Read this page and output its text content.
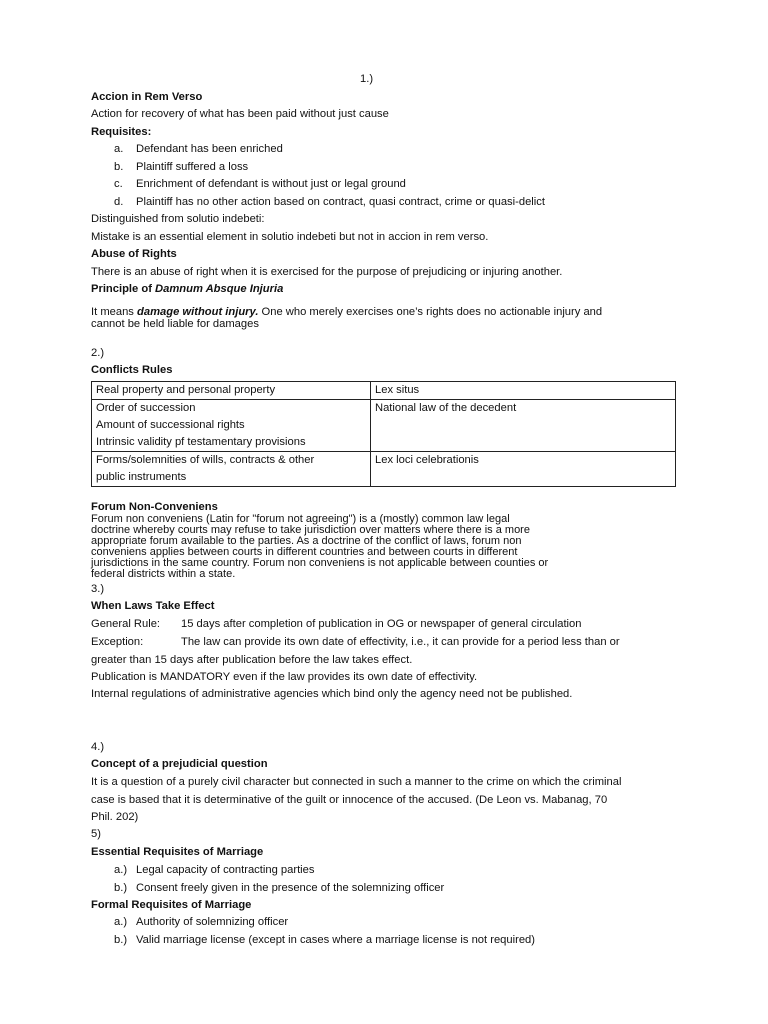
1.)
Accion in Rem Verso
Action for recovery of what has been paid without just cause
Requisites:
a. Defendant has been enriched
b. Plaintiff suffered a loss
c. Enrichment of defendant is without just or legal ground
d. Plaintiff has no other action based on contract, quasi contract, crime or quasi-delict
Distinguished from solutio indebeti:
Mistake is an essential element in solutio indebeti but not in accion in rem verso.
Abuse of Rights
There is an abuse of right when it is exercised for the purpose of prejudicing or injuring another.
Principle of Damnum Absque Injuria
It means damage without injury. One who merely exercises one’s rights does no actionable injury and
cannot be held liable for damages
2.)
Conflicts Rules
Real property and personal property	Lex situs

Order of succession
Amount of successional rights
Intrinsic validity pf testamentary provisions	National law of the decedent

Forms/solemnities of wills, contracts & other
public instruments	Lex loci celebrationis
Forum Non-Conveniens
Forum non conveniens (Latin for "forum not agreeing") is a (mostly) common law legal
doctrine whereby courts may refuse to take jurisdiction over matters where there is a more
appropriate forum available to the parties. As a doctrine of the conflict of laws, forum non
conveniens applies between courts in different countries and between courts in different
jurisdictions in the same country. Forum non conveniens is not applicable between counties or
federal districts within a state.
3.)
When Laws Take Effect
General Rule: 15 days after completion of publication in OG or newspaper of general circulation
Exception:	The law can provide its own date of effectivity, i.e., it can provide for a period less than or
greater than 15 days after publication before the law takes effect.
Publication is MANDATORY even if the law provides its own date of effectivity.
Internal regulations of administrative agencies which bind only the agency need not be published.
4.)
Concept of a prejudicial question
It is a question of a purely civil character but connected in such a manner to the crime on which the criminal
case is based that it is determinative of the guilt or innocence of the accused. (De Leon vs. Mabanag, 70
Phil. 202)
5)
Essential Requisites of Marriage
a.) Legal capacity of contracting parties
b.) Consent freely given in the presence of the solemnizing officer
Formal Requisites of Marriage
a.) Authority of solemnizing officer
b.) Valid marriage license (except in cases where a marriage license is not required)
